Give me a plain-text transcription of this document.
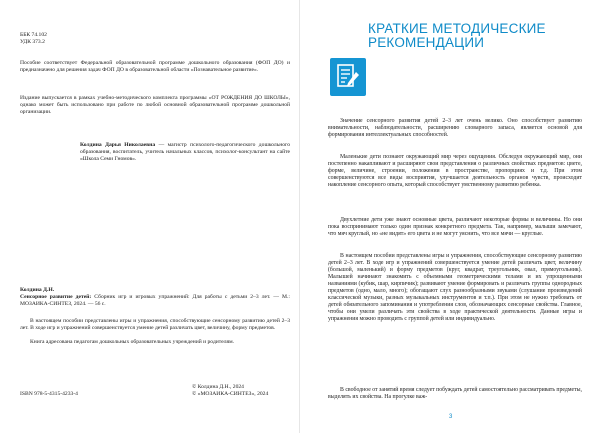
ББК 74.102
УДК 373.2
Пособие соответствует Федеральной образовательной программе дошкольного образования (ФОП ДО) и предназначено для решения задач ФОП ДО в образовательной области «Познавательное развитие».
Издание выпускается в рамках учебно-методического комплекта программы «ОТ РОЖДЕНИЯ ДО ШКОЛЫ», однако может быть использовано при работе по любой основной образовательной программе дошкольной организации.
Колдина Дарья Николаевна — магистр психолого-педагогического дошкольного образования, воспитатель, учитель начальных классов, психолог-консультант на сайте «Школа Семи Гномов».
Колдина Д.Н.
Сенсорное развитие детей: Сборник игр и игровых упражнений: Для работы с детьми 2–3 лет. — М.: МОЗАИКА-СИНТЕЗ, 2024. — 56 с.
В настоящем пособии представлены игры и упражнения, способствующие сенсорному развитию детей 2–3 лет. В ходе игр и упражнений совершенствуется умение детей различать цвет, величину, форму предметов.
Книга адресована педагогам дошкольных образовательных учреждений и родителям.
ISBN 978-5-4315-4233-4
© Колдина Д.Н., 2024
© «МОЗАИКА-СИНТЕЗ», 2024
КРАТКИЕ МЕТОДИЧЕСКИЕ
РЕКОМЕНДАЦИИ
Значение сенсорного развития детей 2–3 лет очень велико. Оно способствует развитию внимательности, наблюдательности, расширению словарного запаса, является основой для формирования интеллектуальных способностей.
Маленькие дети познают окружающий мир через ощущения. Обследуя окружающий мир, они постепенно накапливают и расширяют свои представления о различных свойствах предметов: цвете, форме, величине, строении, положении в пространстве, пропорциях и т.д. При этом совершенствуются все виды восприятия, улучшается деятельность органов чувств, происходит накопление сенсорного опыта, который способствует умственному развитию ребенка.
Двухлетние дети уже знают основные цвета, различают некоторые формы и величины. Но они пока воспринимают только один признак конкретного предмета. Так, например, малыши замечают, что мяч круглый, но «не видят» его цвета и не могут уяснить, что все мячи — круглые.
В настоящем пособии представлены игры и упражнения, способствующие сенсорному развитию детей 2–3 лет. В ходе игр и упражнений совершенствуется умение детей различать цвет, величину (большой, маленький) и форму предметов (круг, квадрат, треугольник, овал, прямоугольник). Малышей начинают знакомить с объемными геометрическими телами и их упрощенными названиями (кубик, шар, кирпичик); развивают умение формировать и различать группы однородных предметов (одно, мало, много); обогащают слух разнообразными звуками (слушание произведений классической музыки, разных музыкальных инструментов и т.п.). При этом не нужно требовать от детей обязательного запоминания и употребления слов, обозначающих сенсорные свойства. Главное, чтобы они умели различать эти свойства в ходе практической деятельности. Данные игры и упражнения можно проводить с группой детей или индивидуально.
В свободное от занятий время следует побуждать детей самостоятельно рассматривать предметы, выделять их свойства. На прогулке важ-
3
